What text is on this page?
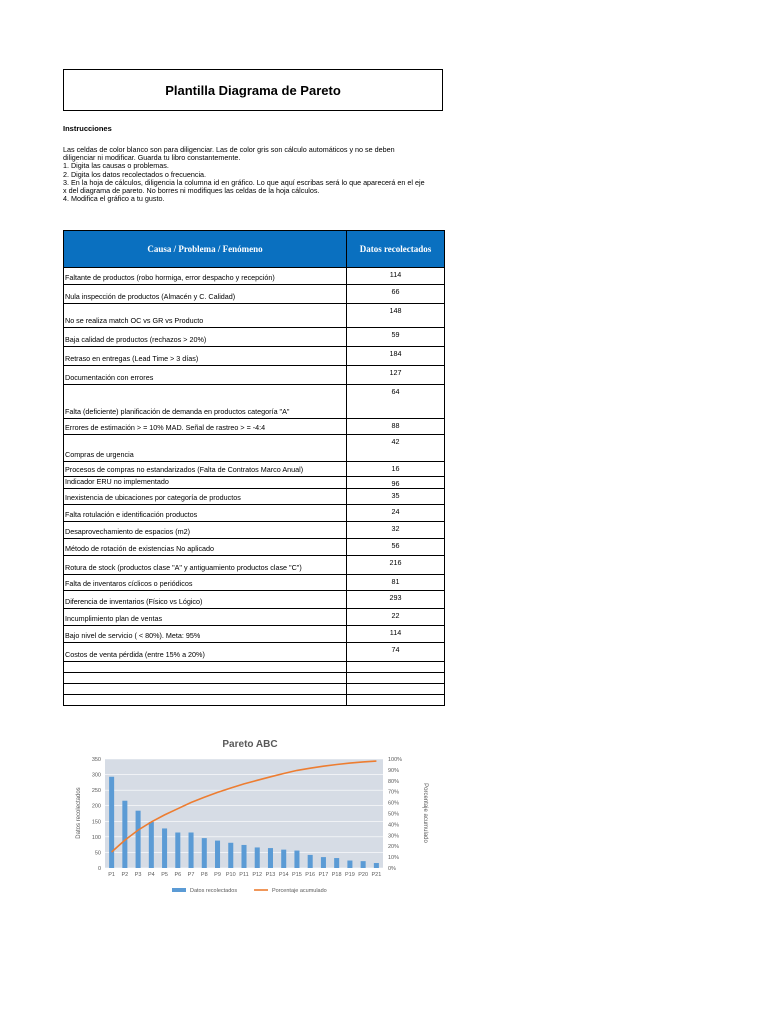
Plantilla Diagrama de Pareto
Instrucciones
Las celdas de color blanco son para diligenciar. Las de color gris son cálculo automáticos y no se deben
diligenciar ni modificar. Guarda tu libro constantemente.
1. Digita las causas o problemas.
2. Digita los datos recolectados o frecuencia.
3. En la hoja de cálculos, diligencia la columna id en gráfico. Lo que aquí escribas será lo que aparecerá en el eje
x del diagrama de pareto. No borres ni modifiques las celdas de la hoja cálculos.
4. Modifica el gráfico a tu gusto.
Causa / Problema / Fenómeno	Datos recolectados
Faltante de productos (robo hormiga, error despacho y recepción)	114
Nula inspección de productos (Almacén y C. Calidad)	66
No se realiza match OC vs GR vs Producto	148
Baja calidad de productos (rechazos > 20%)	59
Retraso en entregas (Lead Time > 3 días)	184
Documentación con errores	127
Falta (deficiente) planificación de demanda en productos categoría "A"	64
Errores de estimación > = 10% MAD. Señal de rastreo > = -4:4	88
Compras de urgencia	42
Procesos de compras no estandarizados (Falta de Contratos Marco Anual)	16
Indicador ERU no implementado	96
Inexistencia de ubicaciones por categoría de productos	35
Falta rotulación e identificación productos	24
Desaprovechamiento de espacios (m2)	32
Método de rotación de existencias No aplicado	56
Rotura de stock (productos clase "A" y antiguamiento productos clase "C")	216
Falta de inventaros cíclicos o periódicos	81
Diferencia de inventarios (Físico vs Lógico)	293
Incumplimiento plan de ventas	22
Bajo nivel de servicio ( < 80%). Meta: 95%	114
Costos de venta pérdida (entre 15% a 20%)	74

Pareto ABC
0
50
100
150
200
250
300
350
0%
10%
20%
30%
40%
50%
60%
70%
80%
90%
100%
P1 P2 P3 P4 P5 P6 P7 P8 P9 P10 P11 P12 P13 P14 P15 P16 P17 P18 P19 P20 P21
Datos recolectados	Porcentaje acumulado
Datos recolectados	Porcentaje acumulado
